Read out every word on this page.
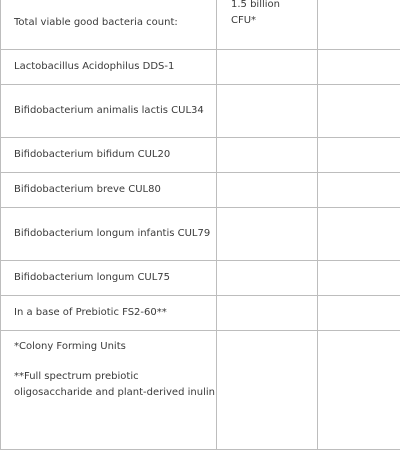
Total viable good bacteria count:	1.5 billion
CFU*	

Lactobacillus Acidophilus DDS-1		
Bifidobacterium animalis lactis CUL34		
Bifidobacterium bifidum CUL20		
Bifidobacterium breve CUL80		
Bifidobacterium longum infantis CUL79		
Bifidobacterium longum CUL75		
In a base of Prebiotic FS2-60**		

*Colony Forming Units
**Full spectrum prebiotic oligosaccharide and plant-derived inulin		
